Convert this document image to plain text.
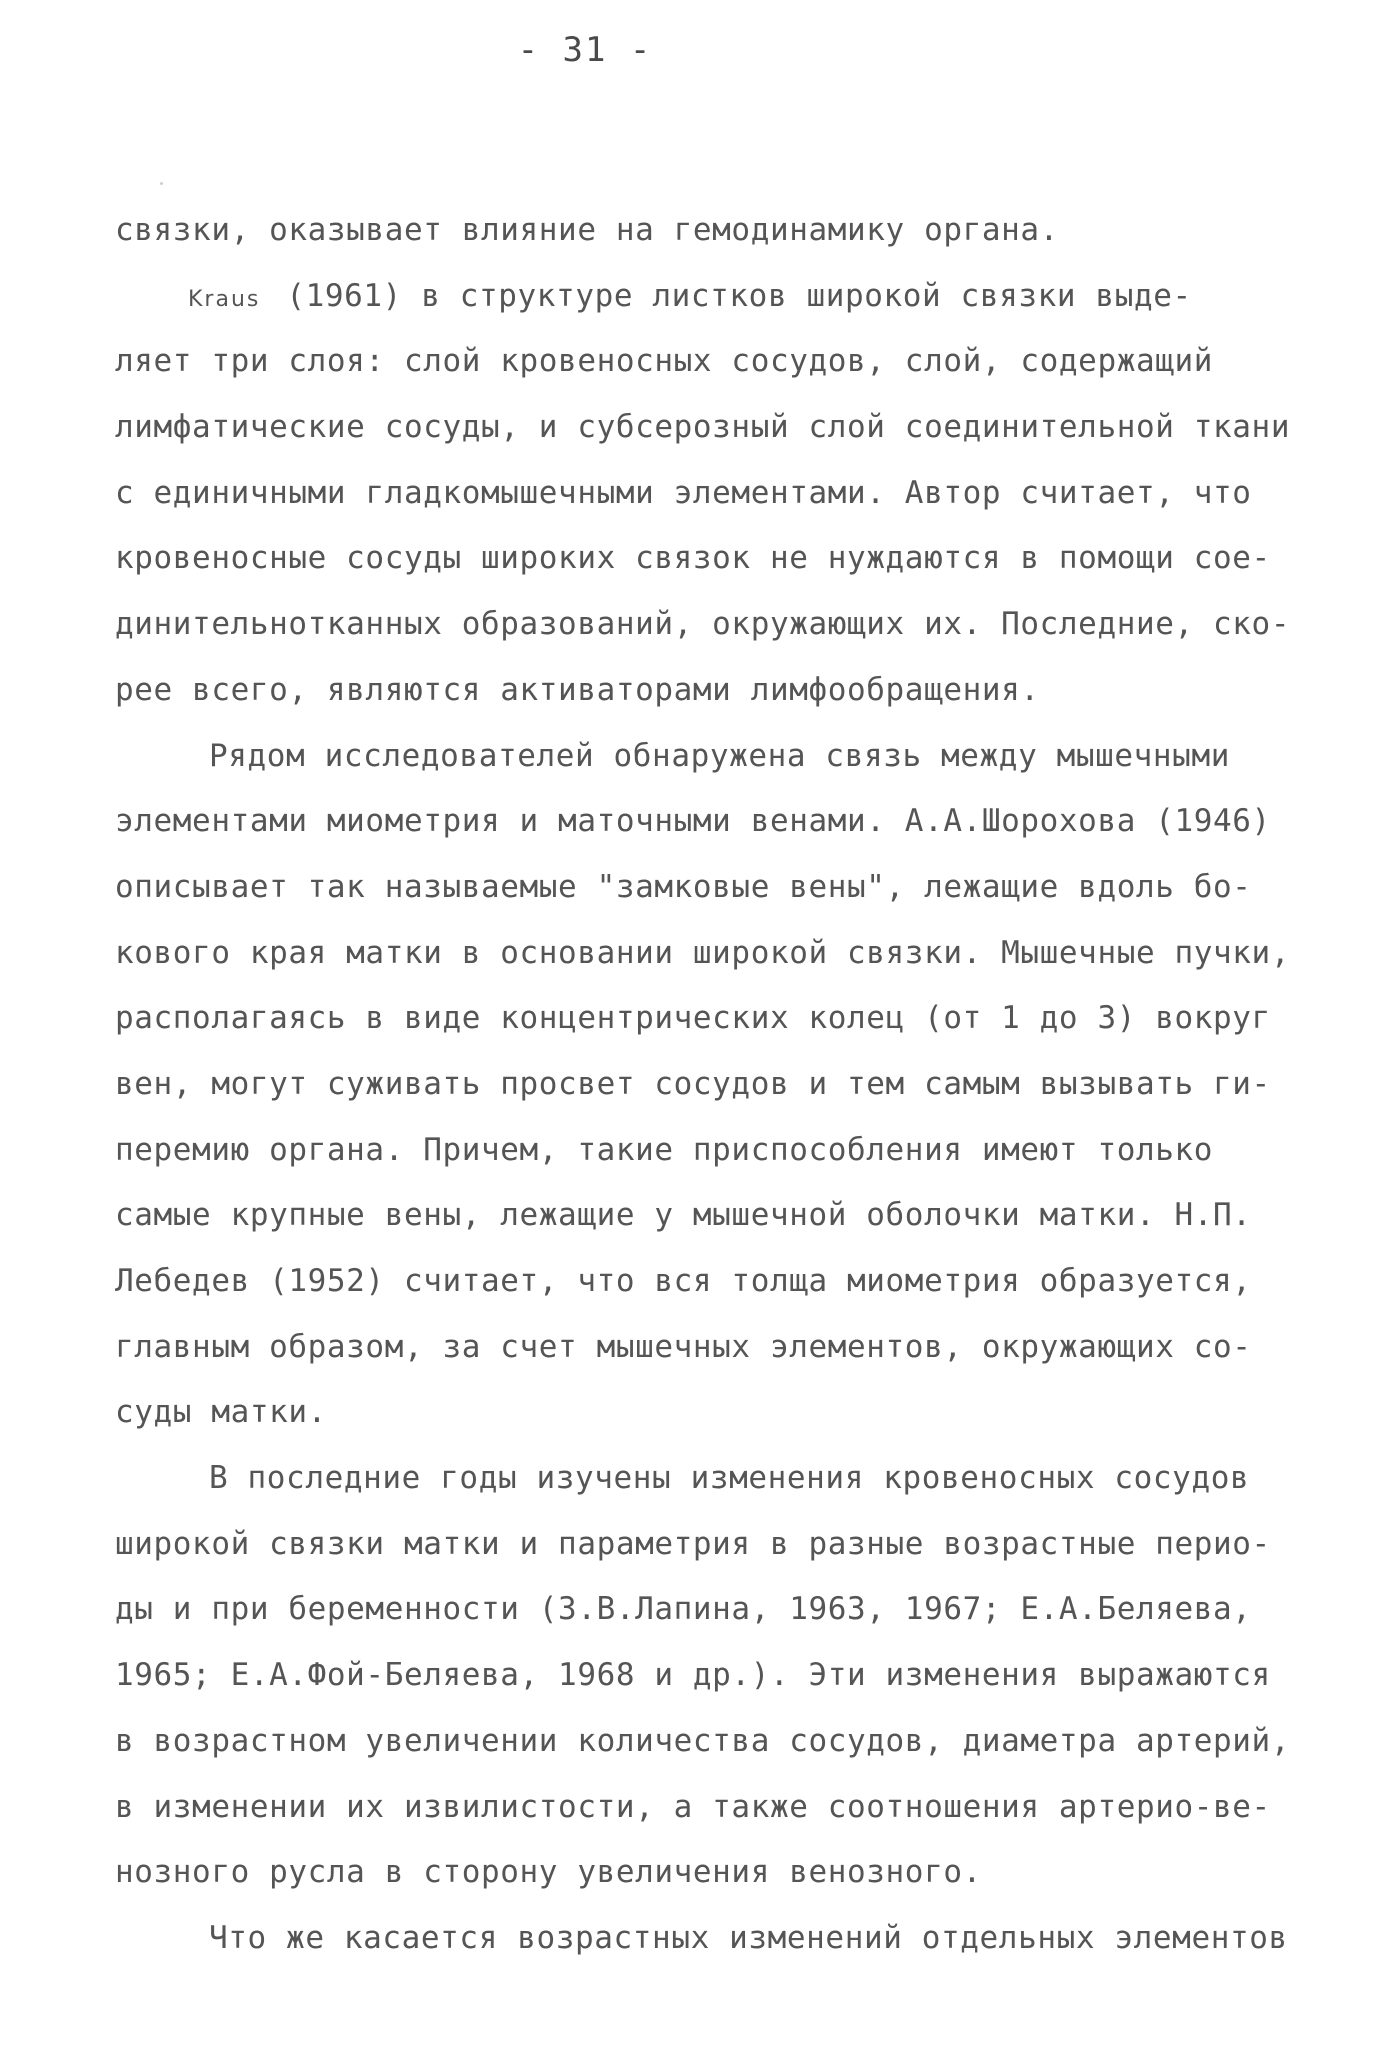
- 31 -
связки, оказывает влияние на гемодинамику органа.
Kraus (1961) в структуре листков широкой связки выде-
ляет три слоя: слой кровеносных сосудов, слой, содержащий
лимфатические сосуды, и субсерозный слой соединительной ткани
с единичными гладкомышечными элементами. Автор считает, что
кровеносные сосуды широких связок не нуждаются в помощи сое-
динительнотканных образований, окружающих их. Последние, ско-
рее всего, являются активаторами лимфообращения.
Рядом исследователей обнаружена связь между мышечными
элементами миометрия и маточными венами. А.А.Шорохова (1946)
описывает так называемые "замковые вены", лежащие вдоль бо-
кового края матки в основании широкой связки. Мышечные пучки,
располагаясь в виде концентрических колец (от 1 до 3) вокруг
вен, могут суживать просвет сосудов и тем самым вызывать ги-
перемию органа. Причем, такие приспособления имеют только
самые крупные вены, лежащие у мышечной оболочки матки. Н.П.
Лебедев (1952) считает, что вся толща миометрия образуется,
главным образом, за счет мышечных элементов, окружающих со-
суды матки.
В последние годы изучены изменения кровеносных сосудов
широкой связки матки и параметрия в разные возрастные перио-
ды и при беременности (З.В.Лапина, 1963, 1967; Е.А.Беляева,
1965; Е.А.Фой-Беляева, 1968 и др.). Эти изменения выражаются
в возрастном увеличении количества сосудов, диаметра артерий,
в изменении их извилистости, а также соотношения артерио-ве-
нозного русла в сторону увеличения венозного.
Что же касается возрастных изменений отдельных элементов
